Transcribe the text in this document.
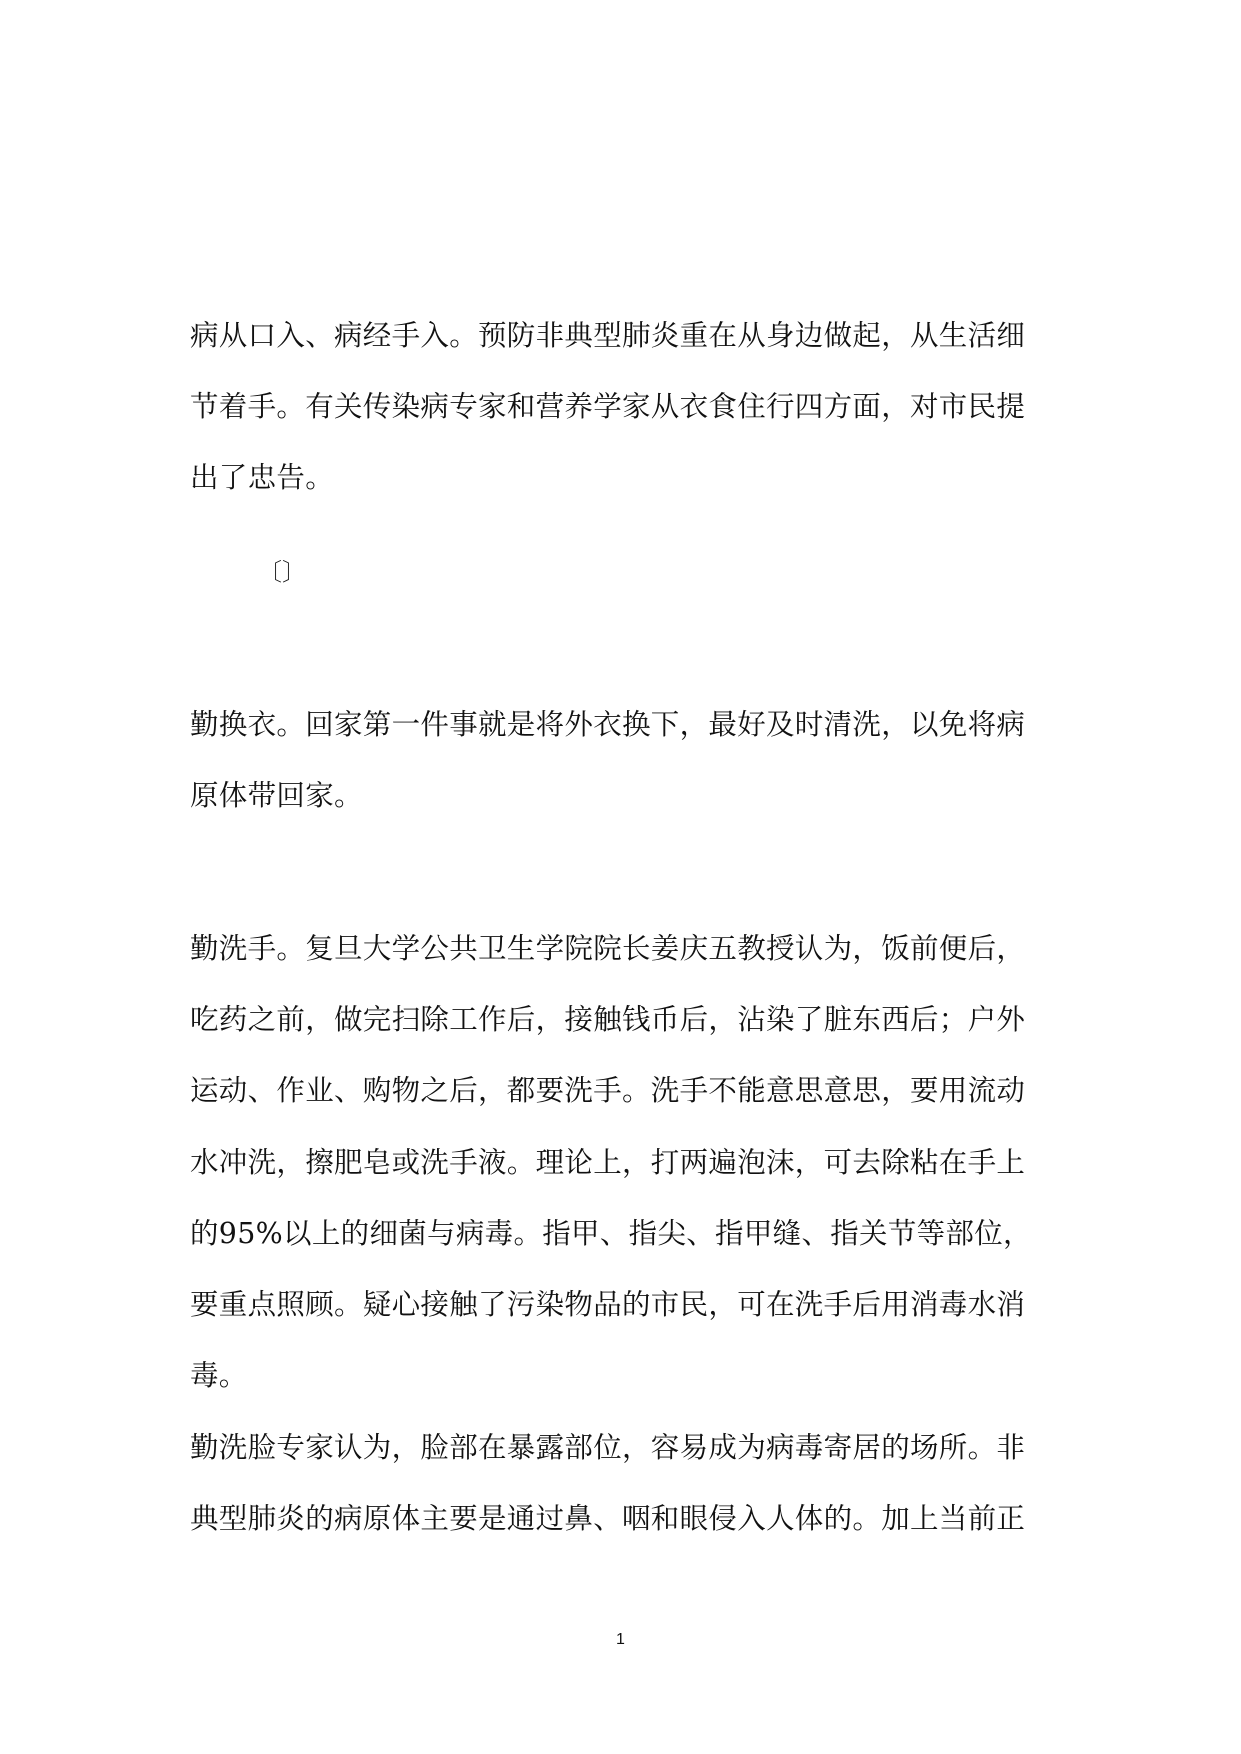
病从口入、病经手入。预防非典型肺炎重在从身边做起，从生活细
节着手。有关传染病专家和营养学家从衣食住行四方面，对市民提
出了忠告。
〔〕
勤换衣。回家第一件事就是将外衣换下，最好及时清洗，以免将病
原体带回家。
勤洗手。复旦大学公共卫生学院院长姜庆五教授认为，饭前便后，
吃药之前，做完扫除工作后，接触钱币后，沾染了脏东西后；户外
运动、作业、购物之后，都要洗手。洗手不能意思意思，要用流动
水冲洗，擦肥皂或洗手液。理论上，打两遍泡沫，可去除粘在手上
的95%以上的细菌与病毒。指甲、指尖、指甲缝、指关节等部位，
要重点照顾。疑心接触了污染物品的市民，可在洗手后用消毒水消
毒。
勤洗脸专家认为，脸部在暴露部位，容易成为病毒寄居的场所。非
典型肺炎的病原体主要是通过鼻、咽和眼侵入人体的。加上当前正
1
